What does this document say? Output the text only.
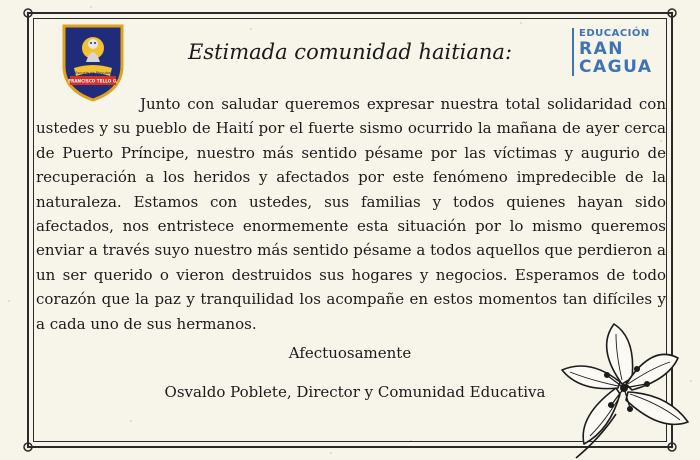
Escuela de Párvulos
FRANCISCO TELLO G.
EDUCACIÓN
RAN
CAGUA
Estimada comunidad haitiana:

Junto con saludar queremos expresar nuestra total solidaridad con ustedes y su pueblo de Haití por el fuerte sismo ocurrido la mañana de ayer cerca de Puerto Príncipe, nuestro más sentido pésame por las víctimas y augurio de recuperación a los heridos y afectados por este fenómeno impredecible de la naturaleza. Estamos con ustedes, sus familias y todos quienes hayan sido afectados, nos entristece enormemente esta situación por lo mismo queremos enviar a través suyo nuestro más sentido pésame a todos aquellos que perdieron a un ser querido o vieron destruidos sus hogares y negocios. Esperamos de todo corazón que la paz y tranquilidad los acompañe en estos momentos tan difíciles y a cada uno de sus hermanos.

Afectuosamente
Osvaldo Poblete, Director y Comunidad Educativa
